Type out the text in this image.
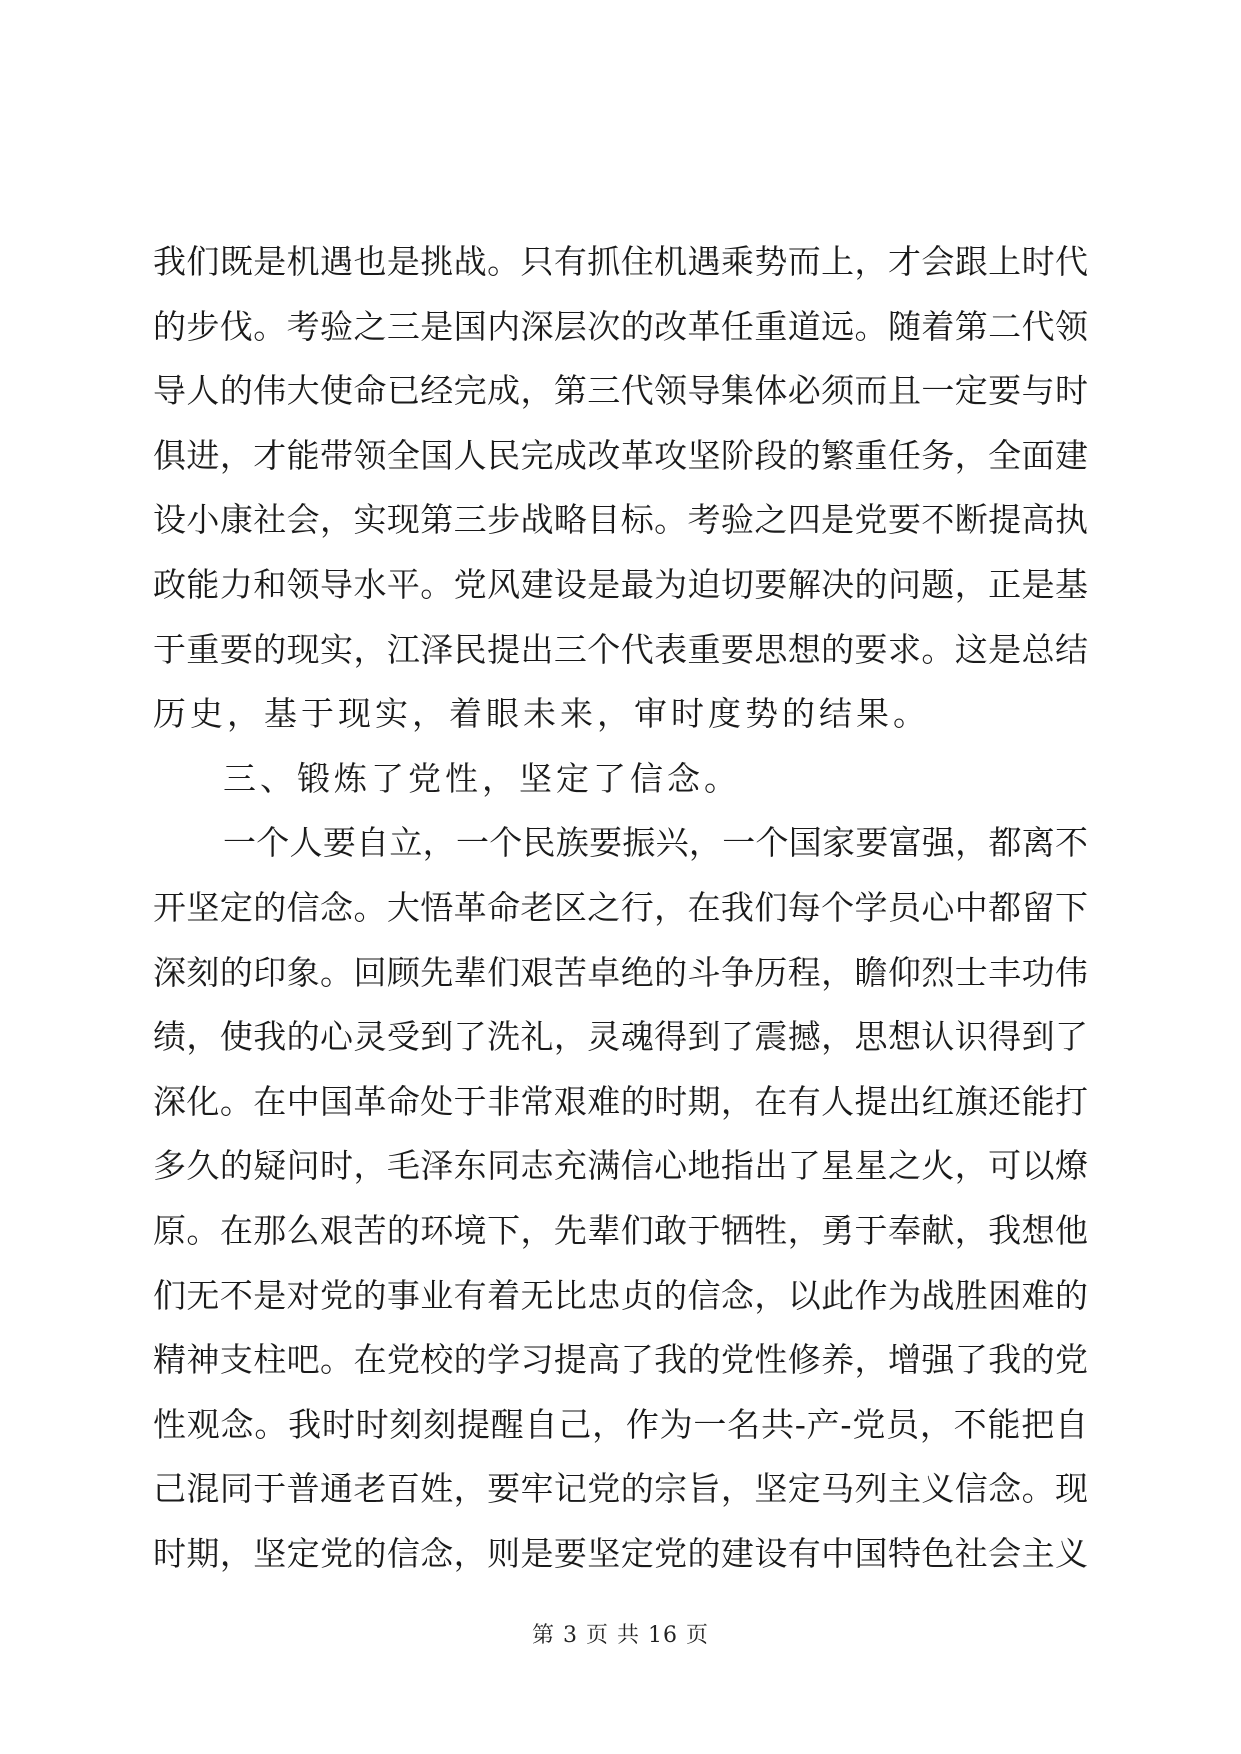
我们既是机遇也是挑战。只有抓住机遇乘势而上，才会跟上时代
的步伐。考验之三是国内深层次的改革任重道远。随着第二代领
导人的伟大使命已经完成，第三代领导集体必须而且一定要与时
俱进，才能带领全国人民完成改革攻坚阶段的繁重任务，全面建
设小康社会，实现第三步战略目标。考验之四是党要不断提高执
政能力和领导水平。党风建设是最为迫切要解决的问题，正是基
于重要的现实，江泽民提出三个代表重要思想的要求。这是总结
历史，基于现实，着眼未来，审时度势的结果。
三、锻炼了党性，坚定了信念。
一个人要自立，一个民族要振兴，一个国家要富强，都离不
开坚定的信念。大悟革命老区之行，在我们每个学员心中都留下
深刻的印象。回顾先辈们艰苦卓绝的斗争历程，瞻仰烈士丰功伟
绩，使我的心灵受到了洗礼，灵魂得到了震撼，思想认识得到了
深化。在中国革命处于非常艰难的时期，在有人提出红旗还能打
多久的疑问时，毛泽东同志充满信心地指出了星星之火，可以燎
原。在那么艰苦的环境下，先辈们敢于牺牲，勇于奉献，我想他
们无不是对党的事业有着无比忠贞的信念，以此作为战胜困难的
精神支柱吧。在党校的学习提高了我的党性修养，增强了我的党
性观念。我时时刻刻提醒自己，作为一名共-产-党员，不能把自
己混同于普通老百姓，要牢记党的宗旨，坚定马列主义信念。现
时期，坚定党的信念，则是要坚定党的建设有中国特色社会主义
第 3 页 共 16 页
